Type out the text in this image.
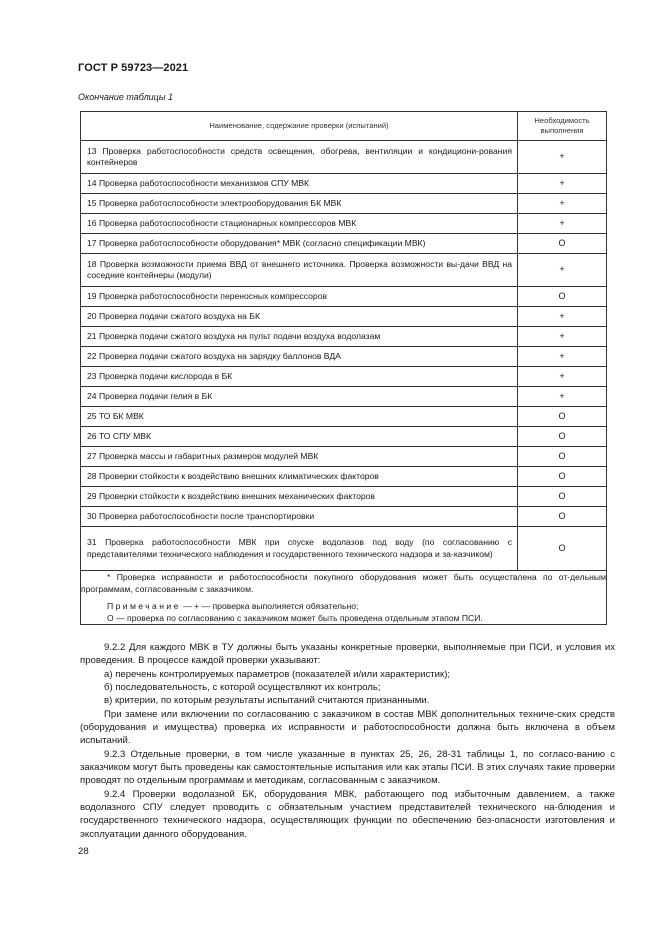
ГОСТ Р 59723—2021
Окончание таблицы 1
Наименование, содержание проверки (испытаний)	Необходимость
выполнения
13 Проверка работоспособности средств освещения, обогрева, вентиляции и кондициони-рования контейнеров	+
14 Проверка работоспособности механизмов СПУ МВК	+
15 Проверка работоспособности электрооборудования БК МВК	+
16 Проверка работоспособности стационарных компрессоров МВК	+
17 Проверка работоспособности оборудования* МВК (согласно спецификации МВК)	O
18 Проверка возможности приема ВВД от внешнего источника. Проверка возможности вы-дачи ВВД на соседние контейнеры (модули)	+
19 Проверка работоспособности переносных компрессоров	O
20 Проверка подачи сжатого воздуха на БК	+
21 Проверка подачи сжатого воздуха на пульт подачи воздуха водолазам	+
22 Проверка подачи сжатого воздуха на зарядку баллонов ВДА	+
23 Проверка подачи кислорода в БК	+
24 Проверка подачи гелия в БК	+
25 ТО БК МВК	O
26 ТО СПУ МВК	O
27 Проверка массы и габаритных размеров модулей МВК	O
28 Проверки стойкости к воздействию внешних климатических факторов	O
29 Проверки стойкости к воздействию внешних механических факторов	O
30 Проверка работоспособности после транспортировки	O
31 Проверка работоспособности МВК при спуске водолазов под воду (по согласованию с представителями технического наблюдения и государственного технического надзора и за-казчиком)	O

* Проверка исправности и работоспособности покупного оборудования может быть осуществлена по от-дельным программам, согласованным с заказчиком.
Примечание — + — проверка выполняется обязательно;
O — проверка по согласованию с заказчиком может быть проведена отдельным этапом ПСИ.	

9.2.2 Для каждого МВК в ТУ должны быть указаны конкретные проверки, выполняемые при ПСИ, и условия их проведения. В процессе каждой проверки указывают:

а) перечень контролируемых параметров (показателей и/или характеристик);

б) последовательность, с которой осуществляют их контроль;

в) критерии, по которым результаты испытаний считаются признанными.

При замене или включении по согласованию с заказчиком в состав МВК дополнительных техниче-ских средств (оборудования и имущества) проверка их исправности и работоспособности должна быть включена в объем испытаний.

9.2.3 Отдельные проверки, в том числе указанные в пунктах 25, 26, 28-31 таблицы 1, по согласо-ванию с заказчиком могут быть проведены как самостоятельные испытания или как этапы ПСИ. В этих случаях такие проверки проводят по отдельным программам и методикам, согласованным с заказчиком.

9.2.4 Проверки водолазной БК, оборудования МВК, работающего под избыточным давлением, а также водолазного СПУ следует проводить с обязательным участием представителей технического на-блюдения и государственного технического надзора, осуществляющих функции по обеспечению без-опасности изготовления и эксплуатации данного оборудования.

28
